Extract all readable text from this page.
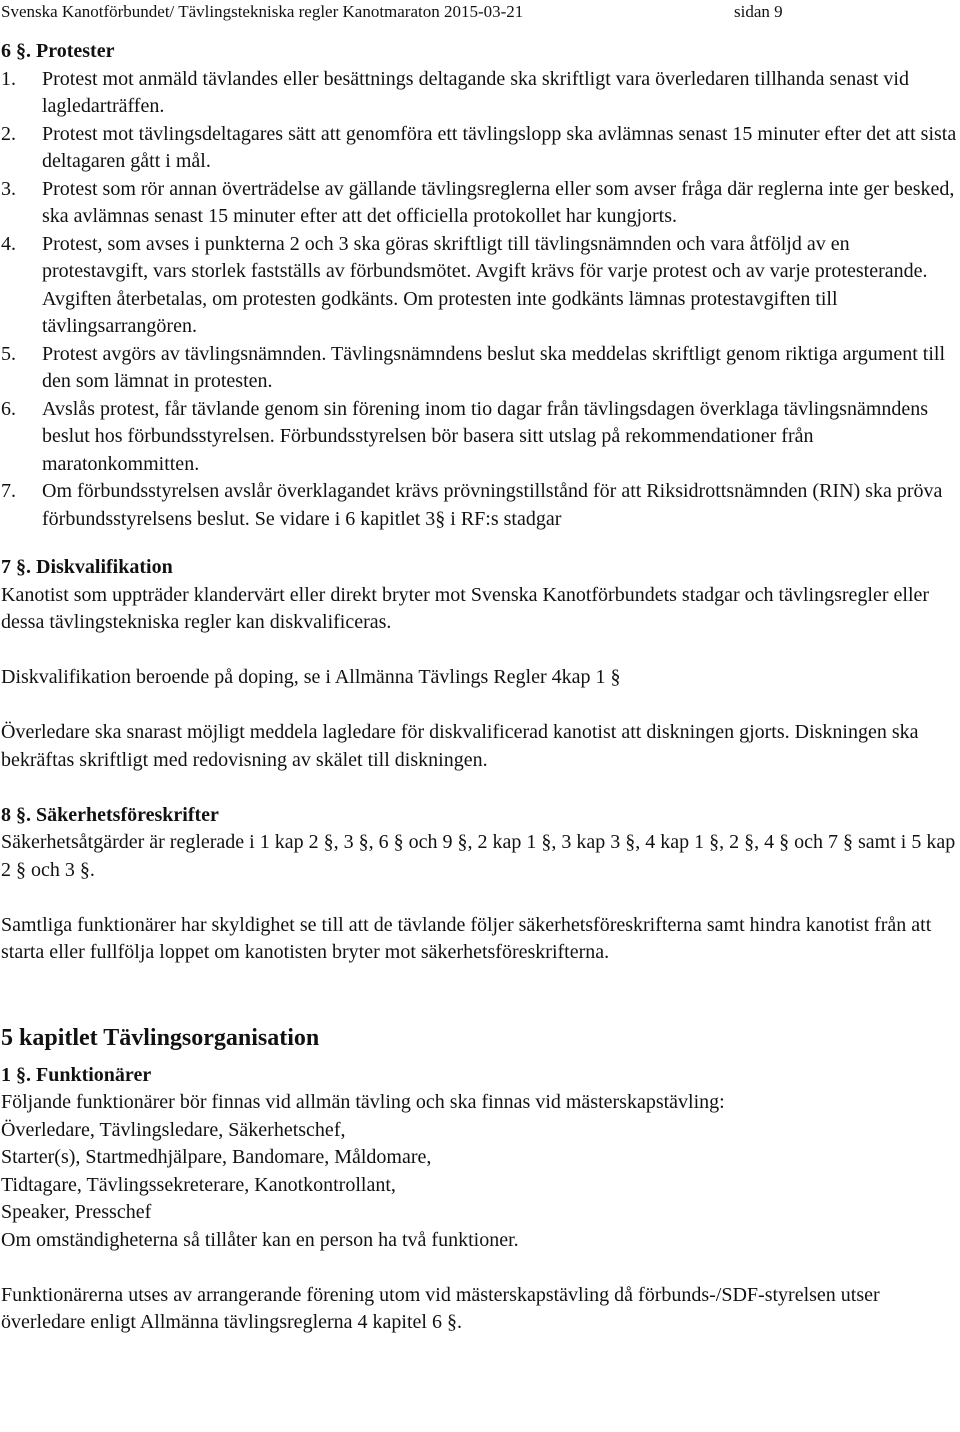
Svenska Kanotförbundet/ Tävlingstekniska regler Kanotmaraton 2015-03-21	sidan 9
6 §. Protester
1. Protest mot anmäld tävlandes eller besättnings deltagande ska skriftligt vara överledaren tillhanda senast vid lagledarträffen.
2. Protest mot tävlingsdeltagares sätt att genomföra ett tävlingslopp ska avlämnas senast 15 minuter efter det att sista deltagaren gått i mål.
3. Protest som rör annan överträdelse av gällande tävlingsreglerna eller som avser fråga där reglerna inte ger besked, ska avlämnas senast 15 minuter efter att det officiella protokollet har kungjorts.
4. Protest, som avses i punkterna 2 och 3 ska göras skriftligt till tävlingsnämnden och vara åtföljd av en protestavgift, vars storlek fastställs av förbundsmötet. Avgift krävs för varje protest och av varje protesterande. Avgiften återbetalas, om protesten godkänts. Om protesten inte godkänts lämnas protestavgiften till tävlingsarrangören.
5. Protest avgörs av tävlingsnämnden. Tävlingsnämndens beslut ska meddelas skriftligt genom riktiga argument till den som lämnat in protesten.
6. Avslås protest, får tävlande genom sin förening inom tio dagar från tävlingsdagen överklaga tävlingsnämndens beslut hos förbundsstyrelsen. Förbundsstyrelsen bör basera sitt utslag på rekommendationer från maratonkommitten.
7. Om förbundsstyrelsen avslår överklagandet krävs prövningstillstånd för att Riksidrottsnämnden (RIN) ska pröva förbundsstyrelsens beslut. Se vidare i 6 kapitlet 3§ i RF:s stadgar
7 §. Diskvalifikation

Kanotist som uppträder klandervärt eller direkt bryter mot Svenska Kanotförbundets stadgar och tävlingsregler eller dessa tävlingstekniska regler kan diskvalificeras.

Diskvalifikation beroende på doping, se i Allmänna Tävlings Regler 4kap 1 §

Överledare ska snarast möjligt meddela lagledare för diskvalificerad kanotist att diskningen gjorts. Diskningen ska bekräftas skriftligt med redovisning av skälet till diskningen.

8 §. Säkerhetsföreskrifter

Säkerhetsåtgärder är reglerade i 1 kap 2 §, 3 §, 6 § och 9 §, 2 kap 1 §, 3 kap 3 §, 4 kap 1 §, 2 §, 4 § och 7 § samt i 5 kap 2 § och 3 §.

Samtliga funktionärer har skyldighet se till att de tävlande följer säkerhetsföreskrifterna samt hindra kanotist från att starta eller fullfölja loppet om kanotisten bryter mot säkerhetsföreskrifterna.

5 kapitlet Tävlingsorganisation
1 §. Funktionärer

Följande funktionärer bör finnas vid allmän tävling och ska finnas vid mästerskapstävling:

Överledare, Tävlingsledare, Säkerhetschef,

Starter(s), Startmedhjälpare, Bandomare, Måldomare,

Tidtagare, Tävlingssekreterare, Kanotkontrollant,

Speaker, Presschef

Om omständigheterna så tillåter kan en person ha två funktioner.

Funktionärerna utses av arrangerande förening utom vid mästerskapstävling då förbunds-/SDF-styrelsen utser överledare enligt Allmänna tävlingsreglerna 4 kapitel 6 §.
